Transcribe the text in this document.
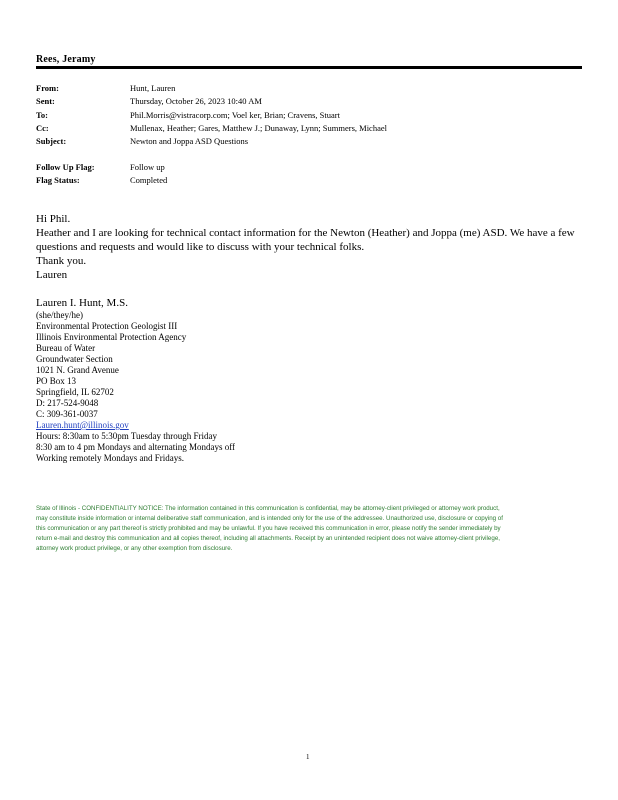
Rees, Jeramy
From:	Hunt, Lauren
Sent:	Thursday, October 26, 2023 10:40 AM
To:	Phil.Morris@vistracorp.com; Voel ker, Brian; Cravens, Stuart
Cc:	Mullenax, Heather; Gares, Matthew J.; Dunaway, Lynn; Summers, Michael
Subject:	Newton and Joppa ASD Questions
Follow Up Flag:	Follow up
Flag Status:	Completed

Hi Phil.

Heather and I are looking for technical contact information for the Newton (Heather) and Joppa (me) ASD. We have a few questions and requests and would like to discuss with your technical folks.

Thank you.

Lauren

Lauren I. Hunt, M.S.
(she/they/he)
Environmental Protection Geologist III
Illinois Environmental Protection Agency
Bureau of Water
Groundwater Section
1021 N. Grand Avenue
PO Box 13
Springfield, IL 62702
D: 217-524-9048
C: 309-361-0037
Lauren.hunt@illinois.gov
Hours: 8:30am to 5:30pm Tuesday through Friday
8:30 am to 4 pm Mondays and alternating Mondays off
Working remotely Mondays and Fridays.
State of Illinois - CONFIDENTIALITY NOTICE: The information contained in this communication is confidential, may be attorney-client privileged or attorney work product, may constitute inside information or internal deliberative staff communication, and is intended only for the use of the addressee. Unauthorized use, disclosure or copying of this communication or any part thereof is strictly prohibited and may be unlawful. If you have received this communication in error, please notify the sender immediately by return e-mail and destroy this communication and all copies thereof, including all attachments. Receipt by an unintended recipient does not waive attorney-client privilege, attorney work product privilege, or any other exemption from disclosure.
1
